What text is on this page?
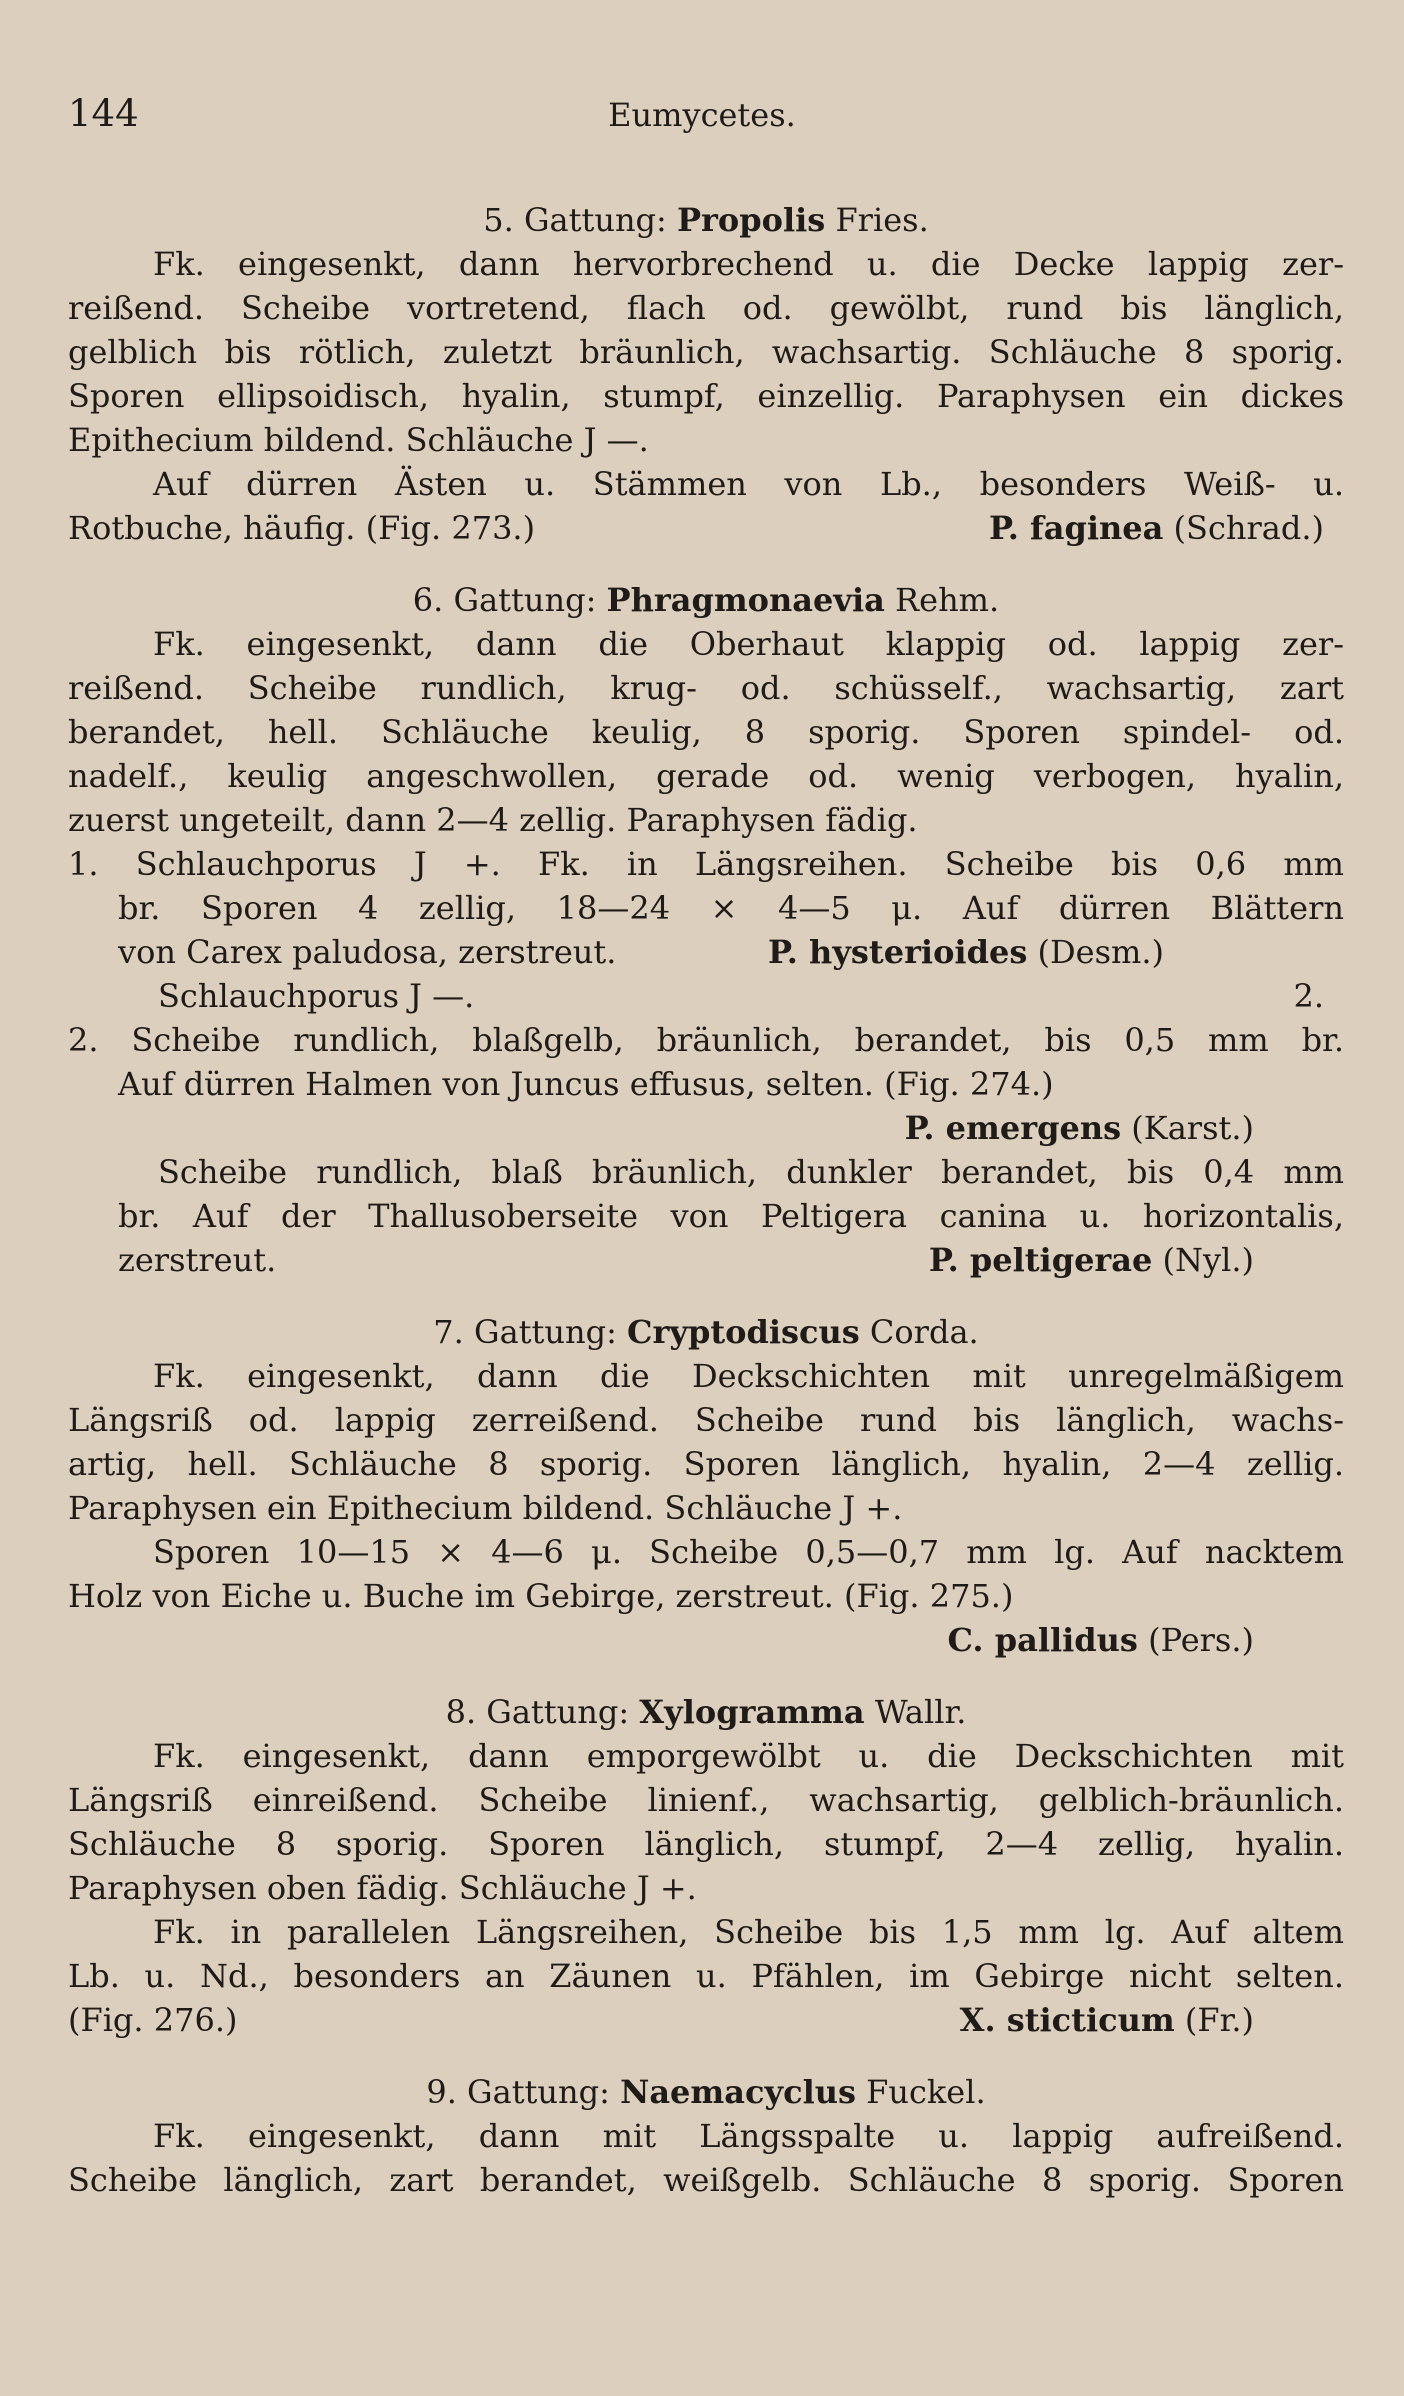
144	Eumycetes.
5. Gattung: Propolis Fries.
Fk. eingesenkt, dann hervorbrechend u. die Decke lappig zer-
reißend. Scheibe vortretend, flach od. gewölbt, rund bis länglich,
gelblich bis rötlich, zuletzt bräunlich, wachsartig. Schläuche 8 sporig.
Sporen ellipsoidisch, hyalin, stumpf, einzellig. Paraphysen ein dickes
Epithecium bildend. Schläuche J —.
Auf dürren Ästen u. Stämmen von Lb., besonders Weiß- u.
Rotbuche, häufig. (Fig. 273.)	P. faginea (Schrad.)
6. Gattung: Phragmonaevia Rehm.
Fk. eingesenkt, dann die Oberhaut klappig od. lappig zer-
reißend. Scheibe rundlich, krug- od. schüsself., wachsartig, zart
berandet, hell. Schläuche keulig, 8 sporig. Sporen spindel- od.
nadelf., keulig angeschwollen, gerade od. wenig verbogen, hyalin,
zuerst ungeteilt, dann 2—4 zellig. Paraphysen fädig.
1. Schlauchporus J +. Fk. in Längsreihen. Scheibe bis 0,6 mm
br. Sporen 4 zellig, 18—24 × 4—5 μ. Auf dürren Blättern
von Carex paludosa, zerstreut.	P. hysterioides (Desm.)
Schlauchporus J —.	2.
2. Scheibe rundlich, blaßgelb, bräunlich, berandet, bis 0,5 mm br.
Auf dürren Halmen von Juncus effusus, selten. (Fig. 274.)
P. emergens (Karst.)
Scheibe rundlich, blaß bräunlich, dunkler berandet, bis 0,4 mm
br. Auf der Thallusoberseite von Peltigera canina u. horizontalis,
zerstreut.	P. peltigerae (Nyl.)
7. Gattung: Cryptodiscus Corda.
Fk. eingesenkt, dann die Deckschichten mit unregelmäßigem
Längsriß od. lappig zerreißend. Scheibe rund bis länglich, wachs-
artig, hell. Schläuche 8 sporig. Sporen länglich, hyalin, 2—4 zellig.
Paraphysen ein Epithecium bildend. Schläuche J +.
Sporen 10—15 × 4—6 μ. Scheibe 0,5—0,7 mm lg. Auf nacktem
Holz von Eiche u. Buche im Gebirge, zerstreut. (Fig. 275.)
C. pallidus (Pers.)
8. Gattung: Xylogramma Wallr.
Fk. eingesenkt, dann emporgewölbt u. die Deckschichten mit
Längsriß einreißend. Scheibe linienf., wachsartig, gelblich-bräunlich.
Schläuche 8 sporig. Sporen länglich, stumpf, 2—4 zellig, hyalin.
Paraphysen oben fädig. Schläuche J +.
Fk. in parallelen Längsreihen, Scheibe bis 1,5 mm lg. Auf altem
Lb. u. Nd., besonders an Zäunen u. Pfählen, im Gebirge nicht selten.
(Fig. 276.)	X. sticticum (Fr.)
9. Gattung: Naemacyclus Fuckel.
Fk. eingesenkt, dann mit Längsspalte u. lappig aufreißend.
Scheibe länglich, zart berandet, weißgelb. Schläuche 8 sporig. Sporen
